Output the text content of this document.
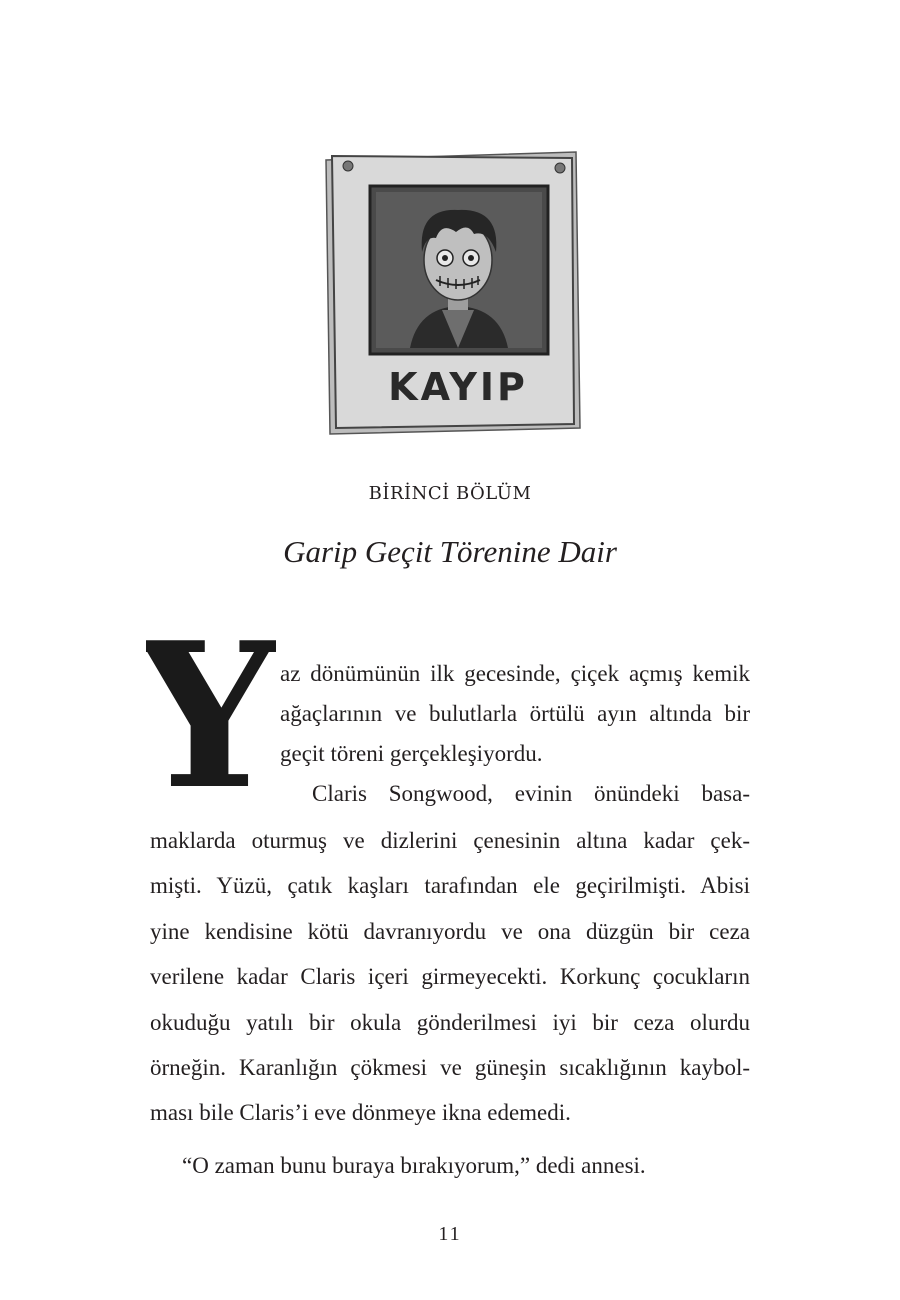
KAYIP
BİRİNCİ BÖLÜM
Garip Geçit Törenine Dair
Y az dönümünün ilk gecesinde, çiçek açmış kemik
ağaçlarının ve bulutlarla örtülü ayın altında bir
geçit töreni gerçekleşiyordu.
Claris Songwood, evinin önündeki basa-
maklarda oturmuş ve dizlerini çenesinin altına kadar çek-
mişti. Yüzü, çatık kaşları tarafından ele geçirilmişti. Abisi
yine kendisine kötü davranıyordu ve ona düzgün bir ceza
verilene kadar Claris içeri girmeyecekti. Korkunç çocukların
okuduğu yatılı bir okula gönderilmesi iyi bir ceza olurdu
örneğin. Karanlığın çökmesi ve güneşin sıcaklığının kaybol-
ması bile Claris’i eve dönmeye ikna edemedi.
“O zaman bunu buraya bırakıyorum,” dedi annesi.
11
